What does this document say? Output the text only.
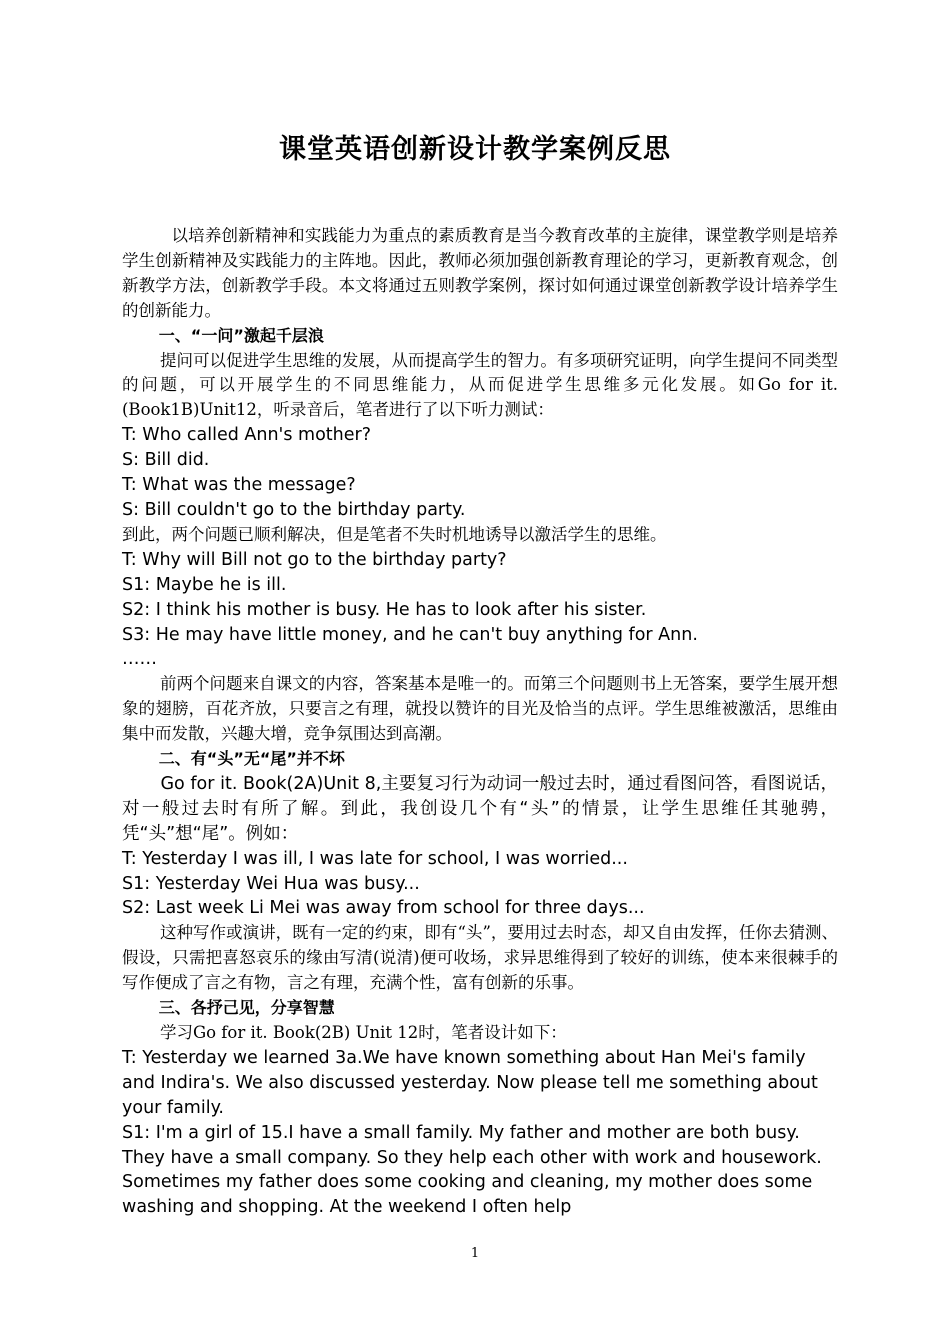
课堂英语创新设计教学案例反思

以培养创新精神和实践能力为重点的素质教育是当今教育改革的主旋律，课堂教学则是培养学生创新精神及实践能力的主阵地。因此，教师必须加强创新教育理论的学习，更新教育观念，创新教学方法，创新教学手段。本文将通过五则教学案例，探讨如何通过课堂创新教学设计培养学生的创新能力。

一、“一问”激起千层浪

提问可以促进学生思维的发展，从而提高学生的智力。有多项研究证明，向学生提问不同类型的问题，可以开展学生的不同思维能力，从而促进学生思维多元化发展。如Go for it. (Book1B)Unit12，听录音后，笔者进行了以下听力测试：

T: Who called Ann's mother?

S: Bill did.

T: What was the message?

S: Bill couldn't go to the birthday party.

到此，两个问题已顺利解决，但是笔者不失时机地诱导以激活学生的思维。

T: Why will Bill not go to the birthday party?

S1: Maybe he is ill.

S2: I think his mother is busy. He has to look after his sister.

S3: He may have little money, and he can't buy anything for Ann.

……

前两个问题来自课文的内容，答案基本是唯一的。而第三个问题则书上无答案，要学生展开想象的翅膀，百花齐放，只要言之有理，就投以赞许的目光及恰当的点评。学生思维被激活，思维由集中而发散，兴趣大增，竞争氛围达到高潮。

二、有“头”无“尾”并不坏

Go for it. Book(2A)Unit 8,主要复习行为动词一般过去时，通过看图问答，看图说话，对一般过去时有所了解。到此，我创设几个有“头”的情景，让学生思维任其驰骋，凭“头”想“尾”。例如：

T: Yesterday I was ill, I was late for school, I was worried...

S1: Yesterday Wei Hua was busy...

S2: Last week Li Mei was away from school for three days...

这种写作或演讲，既有一定的约束，即有“头”，要用过去时态，却又自由发挥，任你去猜测、假设，只需把喜怒哀乐的缘由写清(说清)便可收场，求异思维得到了较好的训练，使本来很棘手的写作便成了言之有物，言之有理，充满个性，富有创新的乐事。

三、各抒己见，分享智慧

学习Go for it. Book(2B) Unit 12时，笔者设计如下：

T: Yesterday we learned 3a.We have known something about Han Mei's family and Indira's. We also discussed yesterday. Now please tell me something about your family.

S1: I'm a girl of 15.I have a small family. My father and mother are both busy. They have a small company. So they help each other with work and housework. Sometimes my father does some cooking and cleaning, my mother does some washing and shopping. At the weekend I often help

1
